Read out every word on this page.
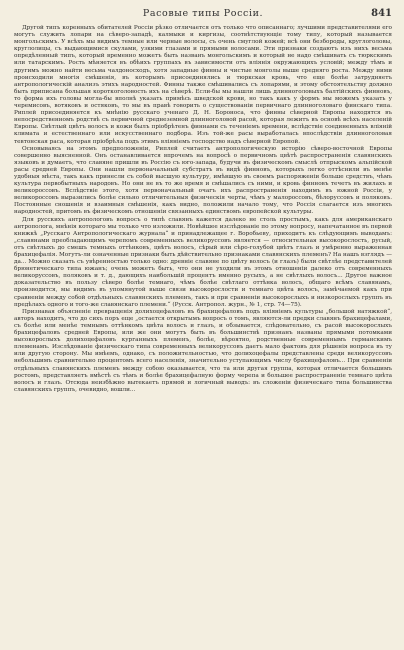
Расовые типы Россіи.	841

Другой типъ коренныхъ обитателей Россіи рѣзко отличается отъ только что описаннаго; лучшими представителями его могутъ служить лопари на сѣверо-западѣ, калмыки и киргизы, соотвѣтствующіе тому типу, который называется монгольскимъ. У всѣхъ мы видимъ темные или черные волосы, съ очень смуглой кожей; всѣ они безбороды, круглоголовы, круглолицы, съ выдающимися скулами, узкими глазами и прямыми волосами. Эти признаки создаютъ изъ нихъ весьма опредѣленный типъ, который временно можетъ быть названъ монгольскимъ и который не надо смѣшивать съ тюркскимъ или татарскимъ. Рость мѣняется въ обѣихъ группахъ въ зависимости отъ вліянія окружающихъ условій; между тѣмъ и другимъ можно найти весьма чалдоносходъ, хотя западные финны и чистые монголы выше средняго роста. Между ними происходили многія смѣшенія, въ которымъ присоединялись и тюркская кровь, что еще болѣе затрудняетъ антропологическій анализъ этихъ народностей. Финны также смѣшивались съ лопарями, и этому обстоятельству должно быть приписана большая короткоголовость ихъ на сѣверѣ. Если-бы мы нашли лишь длинноголовыхъ балтійскихъ финновъ, то форма ихъ головы могла-бы вполнѣ указать примѣсь шведской крови, но такъ какъ у формъ мы можемъ указать у черемисовъ, вотяковъ и остяковъ, то мы въ правѣ говорить о существованіи первичнаго длинноголоваго финскаго типа. Риплей присоединяется къ мнѣнію русскаго ученаго Д. Н. Бороноса, что финны сѣверной Европы находятся въ непосредственномъ родствѣ съ первичной среднеземной длинноголовой расой, которая лежитъ въ основѣ всѣхъ населеній Европы. Свѣтлый цвѣтъ волосъ и кожи былъ пріобрѣтенъ финнами съ теченіемъ времени, вслѣдствіе соединенныхъ вліяній климата и естественнаго или искусственнаго подбора. Изъ той-же расы выработалась впослѣдствіи длинноголовая тевтонская раса, которая пріобрѣла подъ этимъ влiянiемъ господство надъ сѣверной Европой.

Основываясь на этомъ предположеніи, Риплей считаетъ антропологическую исторію сѣверо-восточной Европы совершенно выясненной. Онъ останавливается впрочемъ на вопросѣ о первичномъ цвѣтѣ распространенія славянскихъ языковъ и думаетъ, что славяне пришли въ Россію съ юго-запада, будучи въ физическомъ смыслѣ отпрыскомъ альпійской расы средней Европы. Они нашли первоначальный субстратъ въ видѣ финновъ, которыхъ легко оттѣснили въ менѣе удобныя мѣста, такъ какъ принесли съ собой высшую культуру, имѣвшую въ своемъ распоряженіи больше средствъ, чѣмъ культура первобытныхъ народовъ. Но они не въ то же время и смѣшались съ ними, и кровь финновъ течетъ въ жилахъ и великороссовъ. Вслѣдствіе этого, хотя первоначальный очагъ ихъ распространенія находимъ въ южной Россіи, у великороссовъ выразились болѣе сильно отличительныя физическія черты, чѣмъ у малороссовъ, бѣлоруссовъ и поляковъ. Постоянные сношенія и взаимныя смѣшенія, какъ видно, положили начало тому, что Россія слагается изъ многихъ народностей, притомъ въ физическомъ отношеніи связанныхъ единствомъ европейской культуры.

Для русскихъ антропологовъ вопросъ о типѣ славянъ кажется далеко не столь простымъ, какъ для американскаго антрополога, мнѣнія котораго мы только что изложили. Новѣйшее изслѣдованіе по этому вопросу, напечатанное въ первой книжкѣ „Русскаго Антропологическаго журнала“ и принадлежащее г. Воробьеву, приходитъ къ слѣдующимъ выводамъ: „славянами преобладающимъ черепомъ современныхъ великоруссовъ является — относительная высокорослость, русый, отъ свѣтлыхъ до смешъ темныхъ оттѣнковъ, цвѣтъ волосъ, сѣрый или сѣро-голубой цвѣтъ глазъ и умѣренно выраженная брахицефалія. Могутъ-ли означенные признаки быть дѣйствительно признаками славянскихъ племенъ? На нашъ взглядъ — да... Можно сказать съ увѣренностью только одно: древніе славяне по цвѣту волосъ (и глазъ) были свѣтлѣе представителей брюнетическаго типа южанъ; очень можетъ быть, что они не уходили въ этомъ отношеніи далеко отъ современныхъ великоруссовъ, поляковъ и т. д., дающихъ наибольшій процентъ именно русыхъ, а не свѣтлыхъ волосъ... Другое важное доказательство въ пользу сѣверо болѣе темнаго, чѣмъ болѣе свѣтлаго оттѣнка волосъ, общаго всѣмъ славянамъ, производится, мы видимъ въ упомянутой выше связи высокорослости и темнаго цвѣта волосъ, замѣчаемой какъ при сравненіи между собой отдѣльныхъ славянскихъ племенъ, такъ и при сравненіи высокорослыхъ и низкорослыхъ группъ въ предѣлахъ одного и того-же славянскаго племени.“ (Русск. Антропол. журн., № 1, стр. 74—75).

Признавая объясненіе превращенія долихоцефаловъ въ брахицефаловъ подъ вліяніемъ культуры „большой натяжкой“, авторъ находитъ, что до сихъ поръ еще „остается открытымъ вопросъ о томъ, являются-ли предки славянъ брахицефалами, съ болѣе или менѣе темнымъ оттѣнкомъ цвѣта волосъ и глазъ, и обзывается, слѣдовательно, съ расой высокорослыхъ брахицефаловъ средней Европы, или же они могутъ быть въ большинствѣ признанъ названы прямыми потомками высокорослыхъ долихоцефаловъ курганныхъ племенъ, болѣе, вѣроятно, родственные современнымъ германскимъ племенамъ. Изслѣдованіе физическаго типа современныхъ великоруссовъ даетъ мало фактовъ для рѣшенія вопроса въ ту или другую сторону. Мы имѣемъ, однако, съ положительностью, что долихоцефалы представлены среди великоруссовъ небольшимъ сравнительно процентомъ всего населенія, значительно уступающимъ числу брахицефаловъ... При сравненіи отдѣльныхъ славянскихъ племенъ между собою оказывается, что та или другая группа, которая отличается большимъ ростомъ, представляетъ вмѣстѣ съ тѣмъ и болѣе брахицефалную форму черепа и большее распространеніе темнаго цвѣта волосъ и глазъ. Отсюда неизбѣжно вытекаетъ прямой и логичный выводъ: въ сложеніи физическаго типа большинства славянскихъ группъ, очевидно, вошли...
